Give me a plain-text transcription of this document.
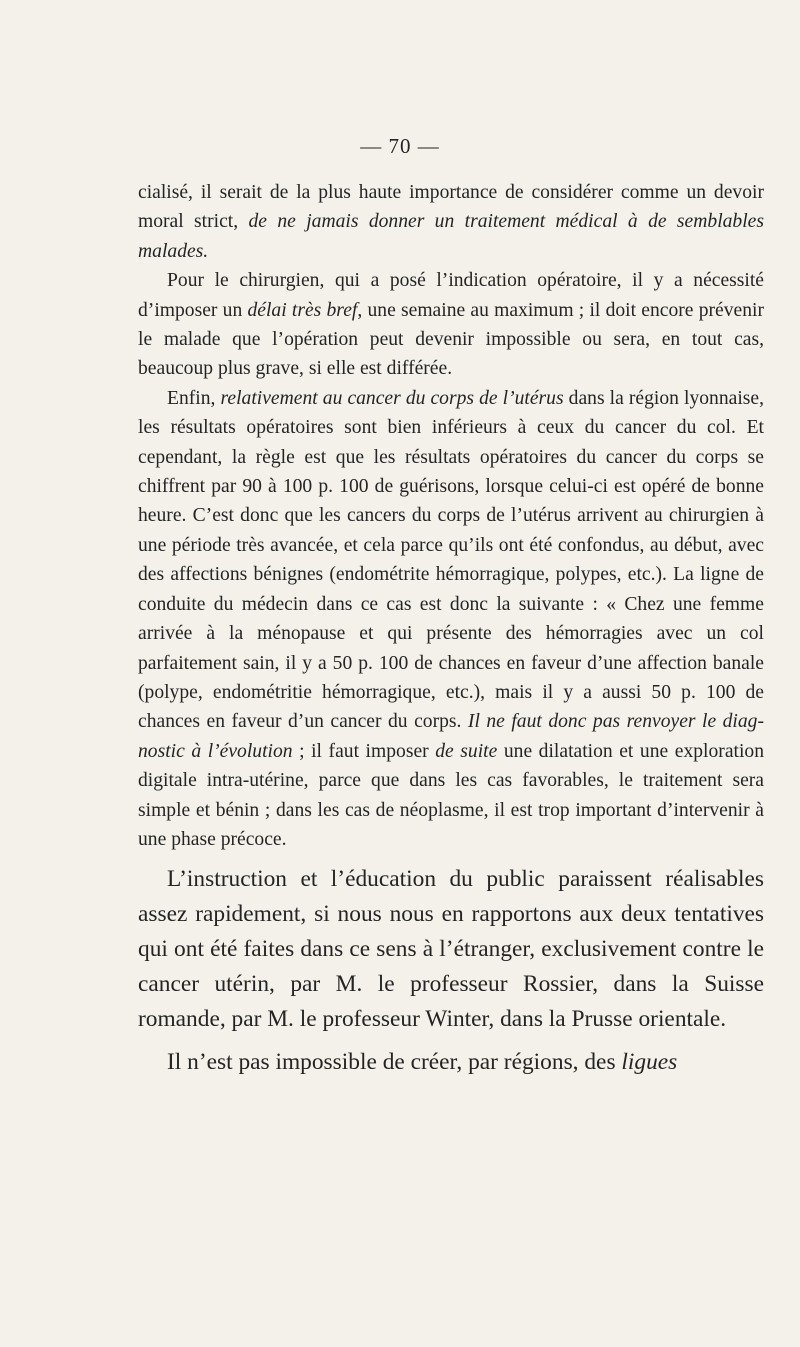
— 70 —

cialisé, il serait de la plus haute importance de considérer comme un devoir moral strict, de ne jamais donner un traitement médical à de semblables malades.

Pour le chirurgien, qui a posé l’indication opératoire, il y a nécessité d’imposer un délai très bref, une semaine au maximum ; il doit encore prévenir le malade que l’opération peut devenir impossible ou sera, en tout cas, beaucoup plus grave, si elle est différée.

Enfin, relativement au cancer du corps de l’utérus dans la région lyonnaise, les résultats opératoires sont bien inférieurs à ceux du cancer du col. Et cependant, la règle est que les résultats opératoires du cancer du corps se chiffrent par 90 à 100 p. 100 de guérisons, lorsque celui-ci est opéré de bonne heure. C’est donc que les cancers du corps de l’utérus arrivent au chirurgien à une période très avancée, et cela parce qu’ils ont été confondus, au début, avec des affections bénignes (endométrite hémorragique, polypes, etc.). La ligne de conduite du médecin dans ce cas est donc la suivante : « Chez une femme arrivée à la ménopause et qui présente des hémorragies avec un col parfaitement sain, il y a 50 p. 100 de chances en faveur d’une affection banale (polype, endométritie hémorragique, etc.), mais il y a aussi 50 p. 100 de chances en faveur d’un cancer du corps. Il ne faut donc pas renvoyer le diagnostic à l’évolution ; il faut imposer de suite une dilatation et une exploration digitale intra-utérine, parce que dans les cas favorables, le traitement sera simple et bénin ; dans les cas de néoplasme, il est trop important d’intervenir à une phase précoce.

L’instruction et l’éducation du public paraissent réalisables assez rapidement, si nous nous en rapportons aux deux tentatives qui ont été faites dans ce sens à l’étranger, exclusivement contre le cancer utérin, par M. le professeur Rossier, dans la Suisse romande, par M. le professeur Winter, dans la Prusse orientale.

Il n’est pas impossible de créer, par régions, des ligues
